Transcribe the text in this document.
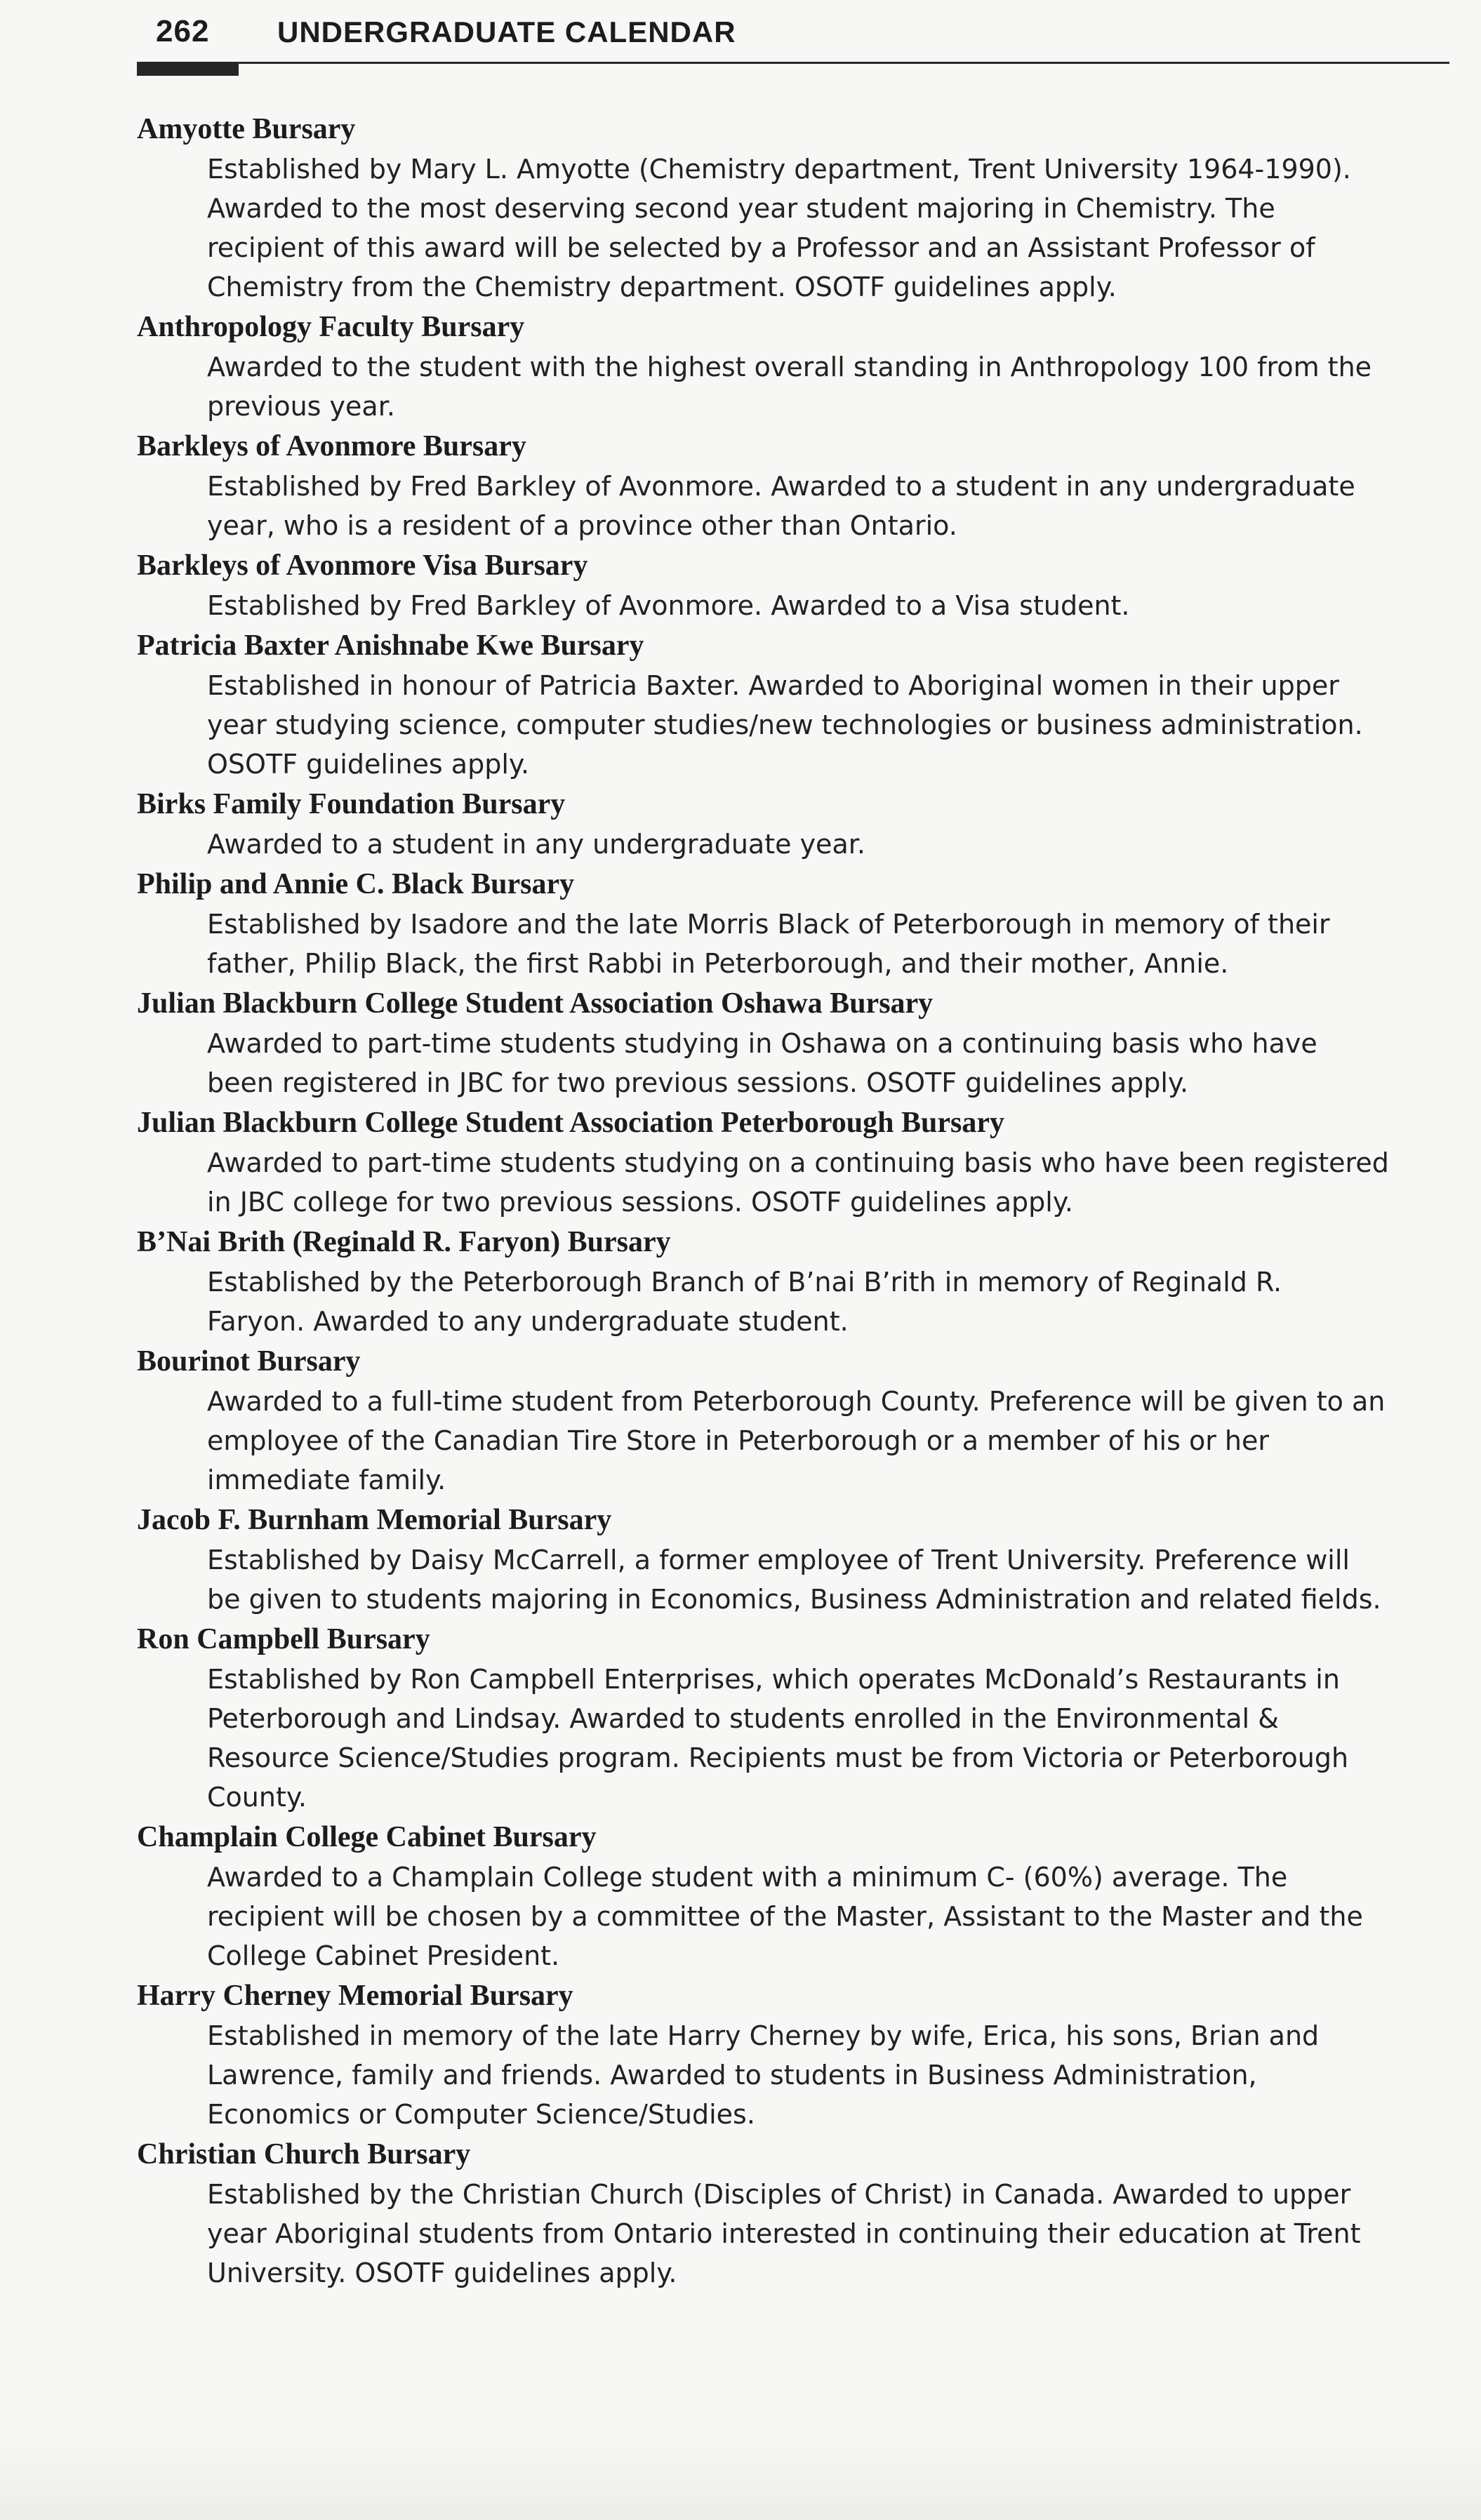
262 UNDERGRADUATE CALENDAR
Amyotte Bursary
Established by Mary L. Amyotte (Chemistry department, Trent University 1964-1990).
Awarded to the most deserving second year student majoring in Chemistry. The
recipient of this award will be selected by a Professor and an Assistant Professor of
Chemistry from the Chemistry department. OSOTF guidelines apply.
Anthropology Faculty Bursary
Awarded to the student with the highest overall standing in Anthropology 100 from the
previous year.
Barkleys of Avonmore Bursary
Established by Fred Barkley of Avonmore. Awarded to a student in any undergraduate
year, who is a resident of a province other than Ontario.
Barkleys of Avonmore Visa Bursary
Established by Fred Barkley of Avonmore. Awarded to a Visa student.
Patricia Baxter Anishnabe Kwe Bursary
Established in honour of Patricia Baxter. Awarded to Aboriginal women in their upper
year studying science, computer studies/new technologies or business administration.
OSOTF guidelines apply.
Birks Family Foundation Bursary
Awarded to a student in any undergraduate year.
Philip and Annie C. Black Bursary
Established by Isadore and the late Morris Black of Peterborough in memory of their
father, Philip Black, the first Rabbi in Peterborough, and their mother, Annie.
Julian Blackburn College Student Association Oshawa Bursary
Awarded to part-time students studying in Oshawa on a continuing basis who have
been registered in JBC for two previous sessions. OSOTF guidelines apply.
Julian Blackburn College Student Association Peterborough Bursary
Awarded to part-time students studying on a continuing basis who have been registered
in JBC college for two previous sessions. OSOTF guidelines apply.
B’Nai Brith (Reginald R. Faryon) Bursary
Established by the Peterborough Branch of B’nai B’rith in memory of Reginald R.
Faryon. Awarded to any undergraduate student.
Bourinot Bursary
Awarded to a full-time student from Peterborough County. Preference will be given to an
employee of the Canadian Tire Store in Peterborough or a member of his or her
immediate family.
Jacob F. Burnham Memorial Bursary
Established by Daisy McCarrell, a former employee of Trent University. Preference will
be given to students majoring in Economics, Business Administration and related fields.
Ron Campbell Bursary
Established by Ron Campbell Enterprises, which operates McDonald’s Restaurants in
Peterborough and Lindsay. Awarded to students enrolled in the Environmental &
Resource Science/Studies program. Recipients must be from Victoria or Peterborough
County.
Champlain College Cabinet Bursary
Awarded to a Champlain College student with a minimum C- (60%) average. The
recipient will be chosen by a committee of the Master, Assistant to the Master and the
College Cabinet President.
Harry Cherney Memorial Bursary
Established in memory of the late Harry Cherney by wife, Erica, his sons, Brian and
Lawrence, family and friends. Awarded to students in Business Administration,
Economics or Computer Science/Studies.
Christian Church Bursary
Established by the Christian Church (Disciples of Christ) in Canada. Awarded to upper
year Aboriginal students from Ontario interested in continuing their education at Trent
University. OSOTF guidelines apply.
